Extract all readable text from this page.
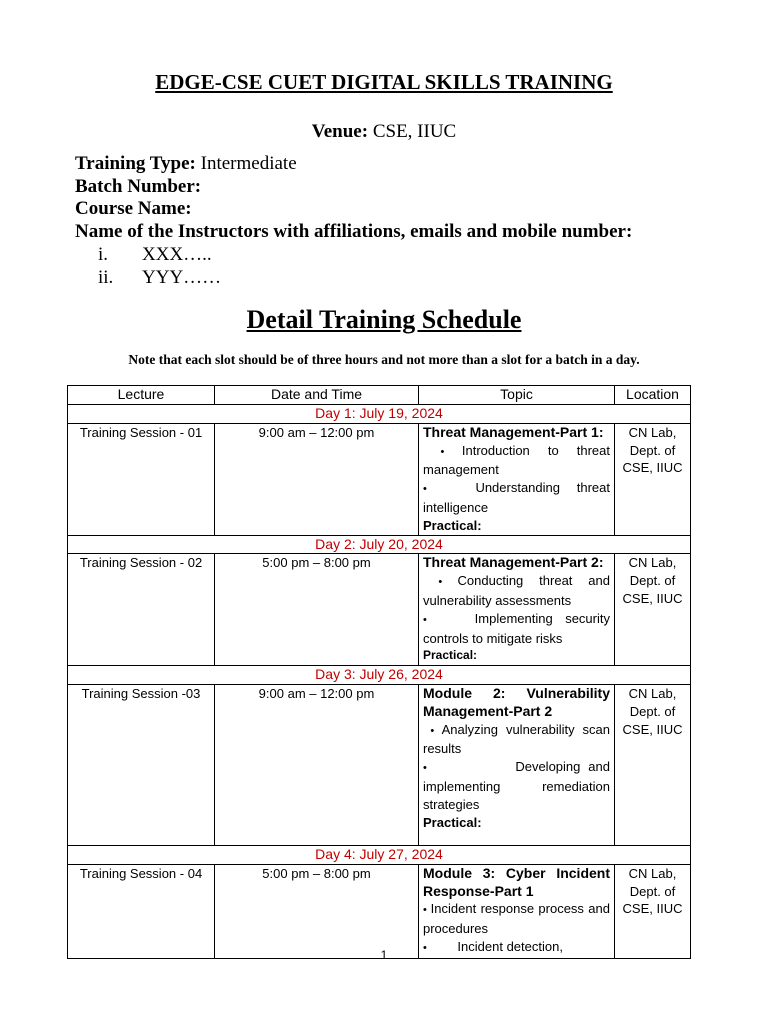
EDGE-CSE CUET DIGITAL SKILLS TRAINING
Venue: CSE, IIUC
Training Type: Intermediate
Batch Number:
Course Name:
Name of the Instructors with affiliations, emails and mobile number:
i. XXX…..
ii. YYY……
Detail Training Schedule
Note that each slot should be of three hours and not more than a slot for a batch in a day.
Lecture	Date and Time	Topic	Location
Day 1: July 19, 2024			
Training Session - 01	9:00 am – 12:00 pm	Threat Management-Part 1:
• Introduction to threat management
•   Understanding threat intelligence
Practical:	CN Lab, Dept. of CSE, IIUC
Day 2: July 20, 2024			
Training Session - 02	5:00 pm – 8:00 pm	Threat Management-Part 2:
• Conducting threat and vulnerability assessments
•    Implementing security controls to mitigate risks
Practical:	CN Lab, Dept. of CSE, IIUC
Day 3: July 26, 2024			
Training Session -03	9:00 am – 12:00 pm	Module 2: Vulnerability Management-Part 2
• Analyzing vulnerability scan results
•            Developing and implementing remediation strategies
Practical:	CN Lab, Dept. of CSE, IIUC
Day 4: July 27, 2024			
Training Session - 04	5:00 pm – 8:00 pm	Module 3: Cyber Incident Response-Part 1
• Incident response process and procedures
•          Incident detection,	CN Lab, Dept. of CSE, IIUC
1
